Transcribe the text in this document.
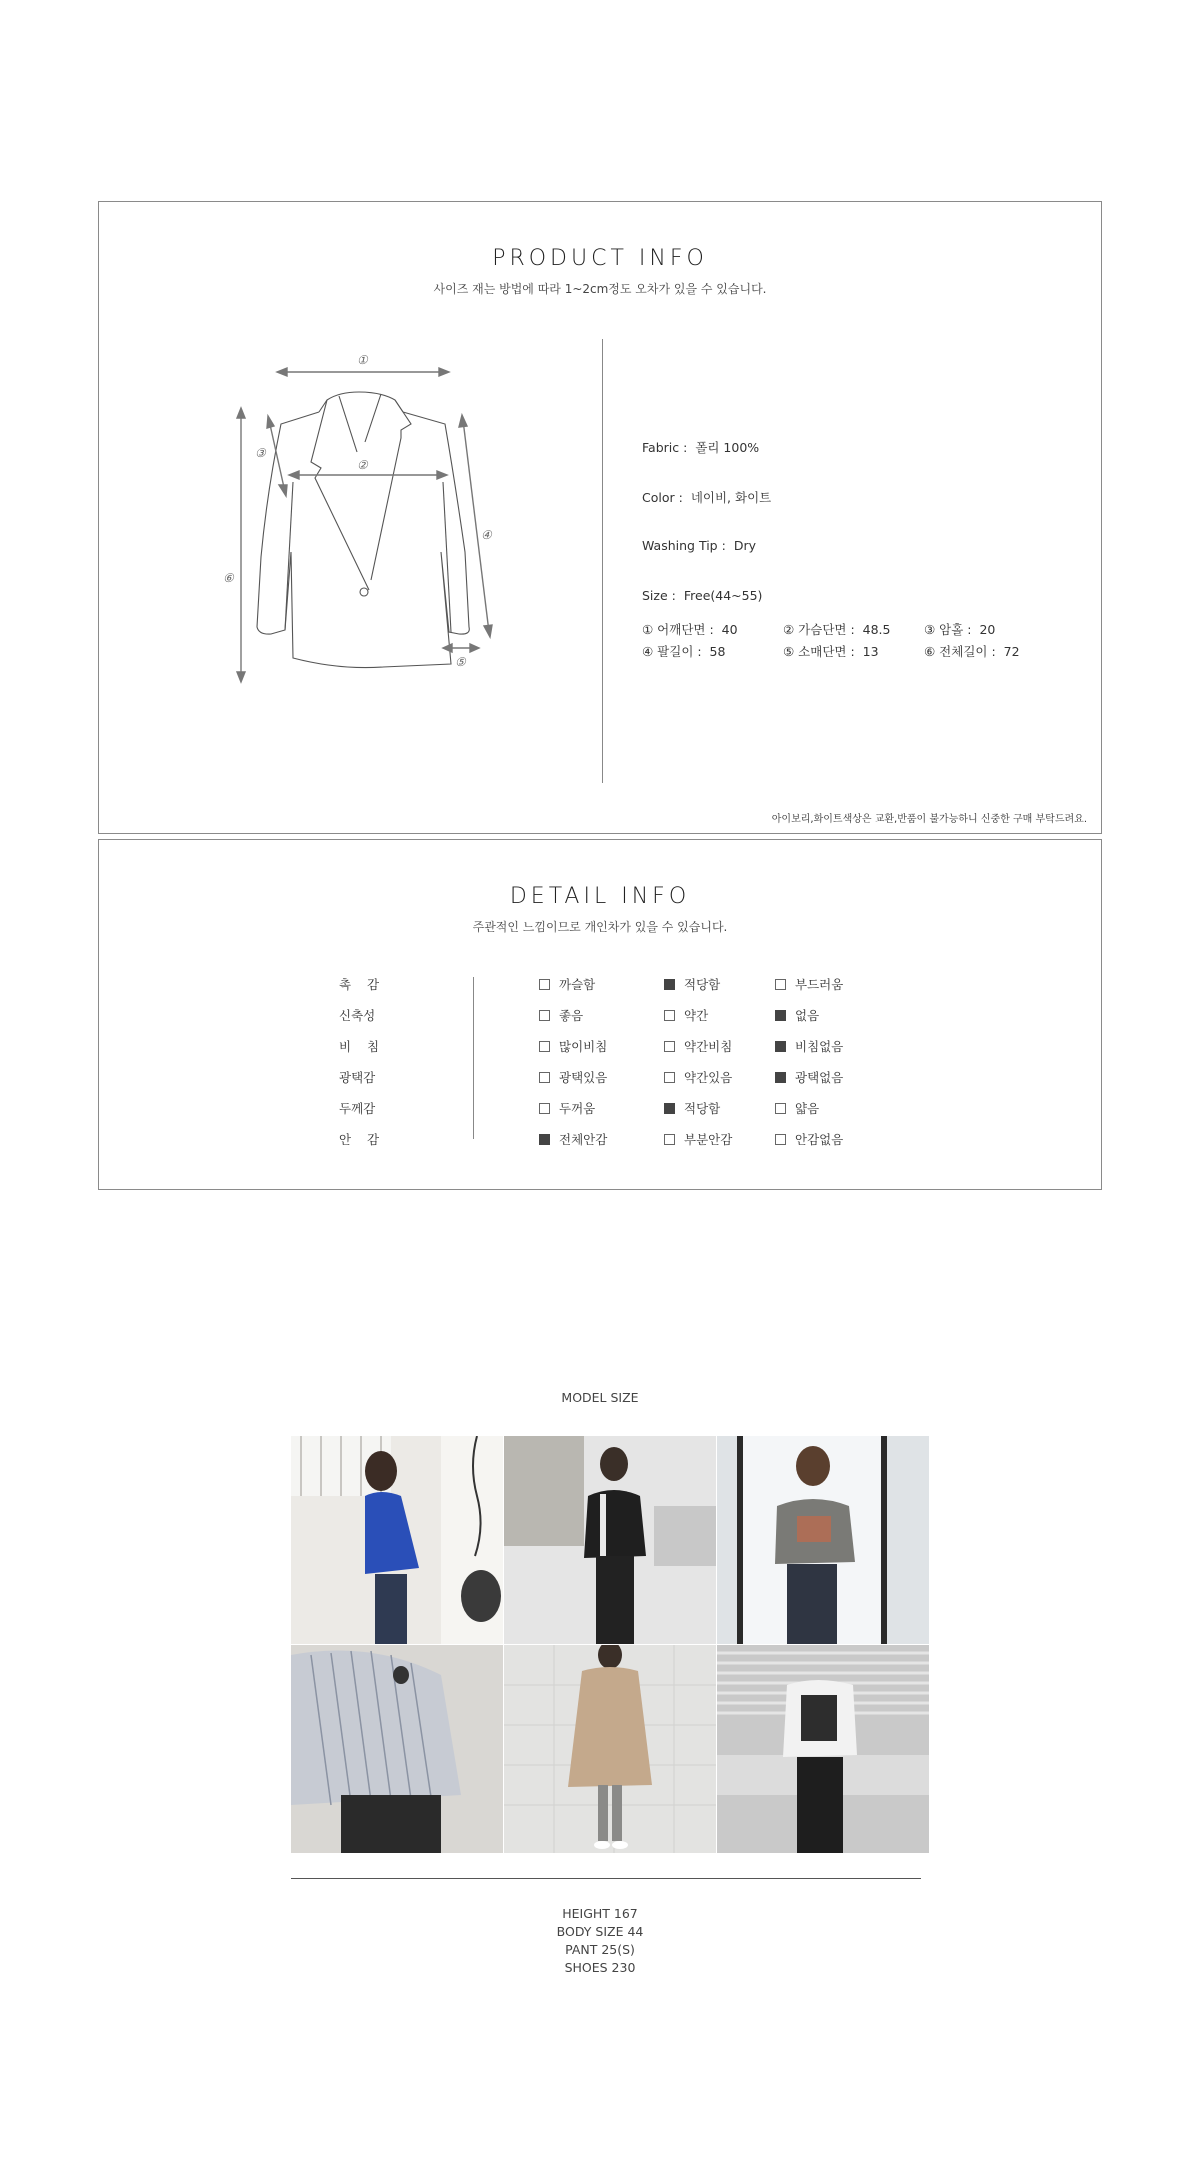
PRODUCT INFO
사이즈 재는 방법에 따라 1~2cm정도 오차가 있을 수 있습니다.
①
②
③
④
⑤
⑥
Fabric : 폴리 100%
Color : 네이비, 화이트
Washing Tip : Dry
Size : Free(44~55)
① 어깨단면 : 40	② 가슴단면 : 48.5	③ 암홀 : 20
④ 팔길이 : 58	⑤ 소매단면 : 13	⑥ 전체길이 : 72
아이보리,화이트색상은 교환,반품이 불가능하니 신중한 구매 부탁드려요.
DETAIL INFO
주관적인 느낌이므로 개인차가 있을 수 있습니다.
촉    감	까슬함	적당함	부드러움
신축성	좋음	약간	없음
비    침	많이비침	약간비침	비침없음
광택감	광택있음	약간있음	광택없음
두께감	두꺼움	적당함	얇음
안    감	전체안감	부분안감	안감없음
MODEL SIZE
HEIGHT 167
BODY SIZE 44
PANT 25(S)
SHOES 230
